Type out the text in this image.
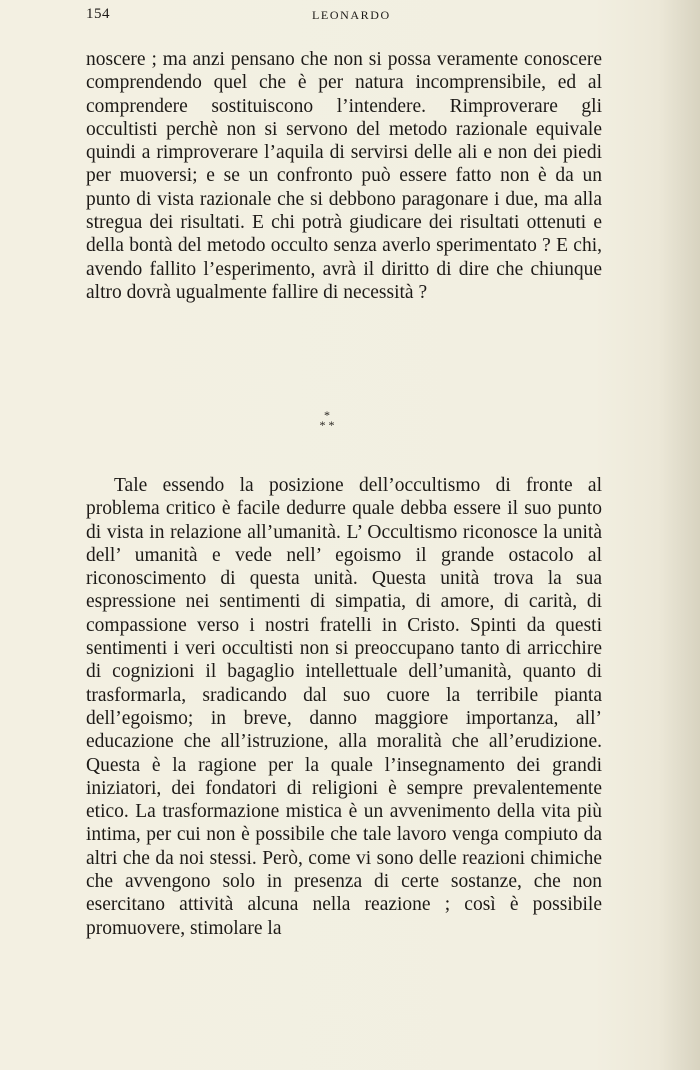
154	LEONARDO

noscere ; ma anzi pensano che non si possa veramente conoscere comprendendo quel che è per natura incomprensibile, ed al comprendere sostituiscono l’intendere. Rimproverare gli occultisti perchè non si servono del metodo razionale equivale quindi a rimproverare l’aquila di servirsi delle ali e non dei piedi per muoversi; e se un confronto può essere fatto non è da un punto di vista razionale che si debbono paragonare i due, ma alla stregua dei risultati. E chi potrà giudicare dei risultati ottenuti e della bontà del metodo occulto senza averlo sperimentato ? E chi, avendo fallito l’esperimento, avrà il diritto di dire che chiunque altro dovrà ugualmente fallire di necessità ?

*
* *

Tale essendo la posizione dell’occultismo di fronte al problema critico è facile dedurre quale debba essere il suo punto di vista in relazione all’umanità. L’ Occultismo riconosce la unità dell’ umanità e vede nell’ egoismo il grande ostacolo al riconoscimento di questa unità. Questa unità trova la sua espressione nei sentimenti di simpatia, di amore, di carità, di compassione verso i nostri fratelli in Cristo. Spinti da questi sentimenti i veri occultisti non si preoccupano tanto di arricchire di cognizioni il bagaglio intellettuale dell’umanità, quanto di trasformarla, sradicando dal suo cuore la terribile pianta dell’egoismo; in breve, danno maggiore importanza, all’ educazione che all’istruzione, alla moralità che all’erudizione. Questa è la ragione per la quale l’insegnamento dei grandi iniziatori, dei fondatori di religioni è sempre prevalentemente etico. La trasformazione mistica è un avvenimento della vita più intima, per cui non è possibile che tale lavoro venga compiuto da altri che da noi stessi. Però, come vi sono delle reazioni chimiche che avvengono solo in presenza di certe sostanze, che non esercitano attività alcuna nella reazione ; così è possibile promuovere, stimolare la
